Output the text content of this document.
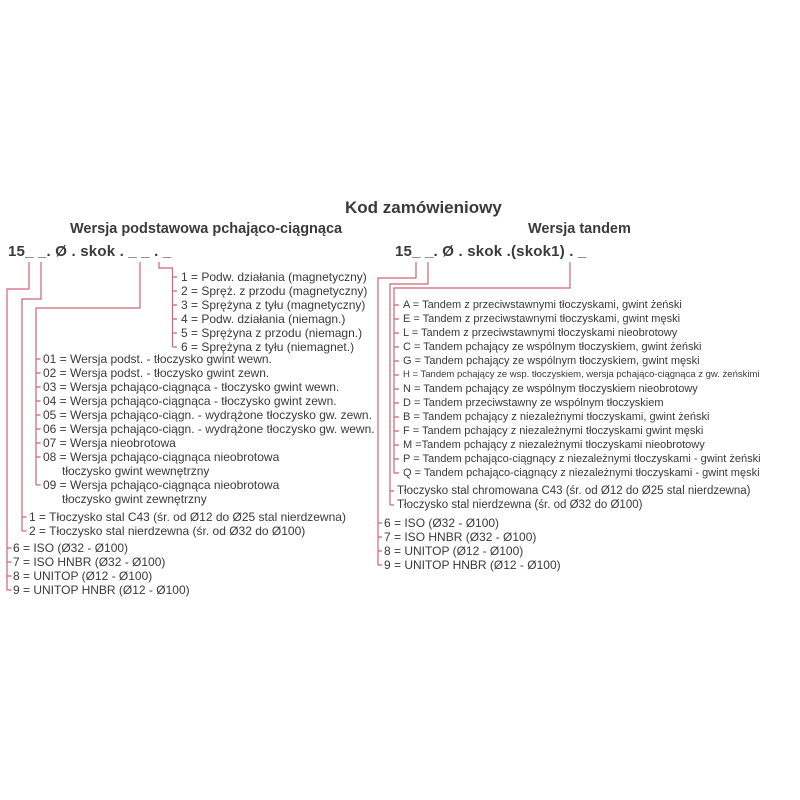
Kod zamówieniowy
Wersja podstawowa pchająco-ciągnąca	Wersja tandem
15_ _. Ø . skok . _ _ . _	15_ _. Ø . skok .(skok1) . _
1 = Podw. działania (magnetyczny)
2 = Spręż. z przodu (magnetyczny)
3 = Sprężyna z tyłu (magnetyczny)
4 = Podw. działania (niemagn.)
5 = Sprężyna z przodu (niemagn.)
6 = Sprężyna z tyłu (niemagnet.)
01 = Wersja podst. - tłoczysko gwint wewn.
02 = Wersja podst. - tłoczysko gwint zewn.
03 = Wersja pchająco-ciągnąca - tłoczysko gwint wewn.
04 = Wersja pchająco-ciągnąca - tłoczysko gwint zewn.
05 = Wersja pchająco-ciągn. - wydrążone tłoczysko gw. zewn.
06 = Wersja pchająco-ciągn. - wydrążone tłoczysko gw. wewn.
07 = Wersja nieobrotowa
08 = Wersja pchająco-ciągnąca nieobrotowa
tłoczysko gwint wewnętrzny
09 = Wersja pchająco-ciągnąca nieobrotowa
tłoczysko gwint zewnętrzny
1 = Tłoczysko stal C43 (śr. od Ø12 do Ø25 stal nierdzewna)
2 = Tłoczysko stal nierdzewna (śr. od Ø32 do Ø100)
6 = ISO (Ø32 - Ø100)
7 = ISO HNBR (Ø32 - Ø100)
8 = UNITOP (Ø12 - Ø100)
9 = UNITOP HNBR (Ø12 - Ø100)
A = Tandem z przeciwstawnymi tłoczyskami, gwint żeński
E = Tandem z przeciwstawnymi tłoczyskami, gwint męski
L = Tandem z przeciwstawnymi tłoczyskami nieobrotowy
C = Tandem pchający ze wspólnym tłoczyskiem, gwint żeński
G = Tandem pchający ze wspólnym tłoczyskiem, gwint męski
H = Tandem pchający ze wsp. tłoczyskiem, wersja pchająco-ciągnąca z gw. żeńskimi
N = Tandem pchający ze wspólnym tłoczyskiem nieobrotowy
D = Tandem przeciwstawny ze wspólnym tłoczyskiem
B = Tandem pchający z niezależnymi tłoczyskami, gwint żeński
F = Tandem pchający z niezależnymi tłoczyskami gwint męski
M =Tandem pchający z niezależnymi tłoczyskami nieobrotowy
P = Tandem pchająco-ciągnący z niezależnymi tłoczyskami - gwint żeński
Q = Tandem pchająco-ciągnący z niezależnymi tłoczyskami - gwint męski
Tłoczysko stal chromowana C43 (śr. od Ø12 do Ø25 stal nierdzewna)
Tłoczysko stal nierdzewna (śr. od Ø32 do Ø100)
6 = ISO (Ø32 - Ø100)
7 = ISO HNBR (Ø32 - Ø100)
8 = UNITOP (Ø12 - Ø100)
9 = UNITOP HNBR (Ø12 - Ø100)
